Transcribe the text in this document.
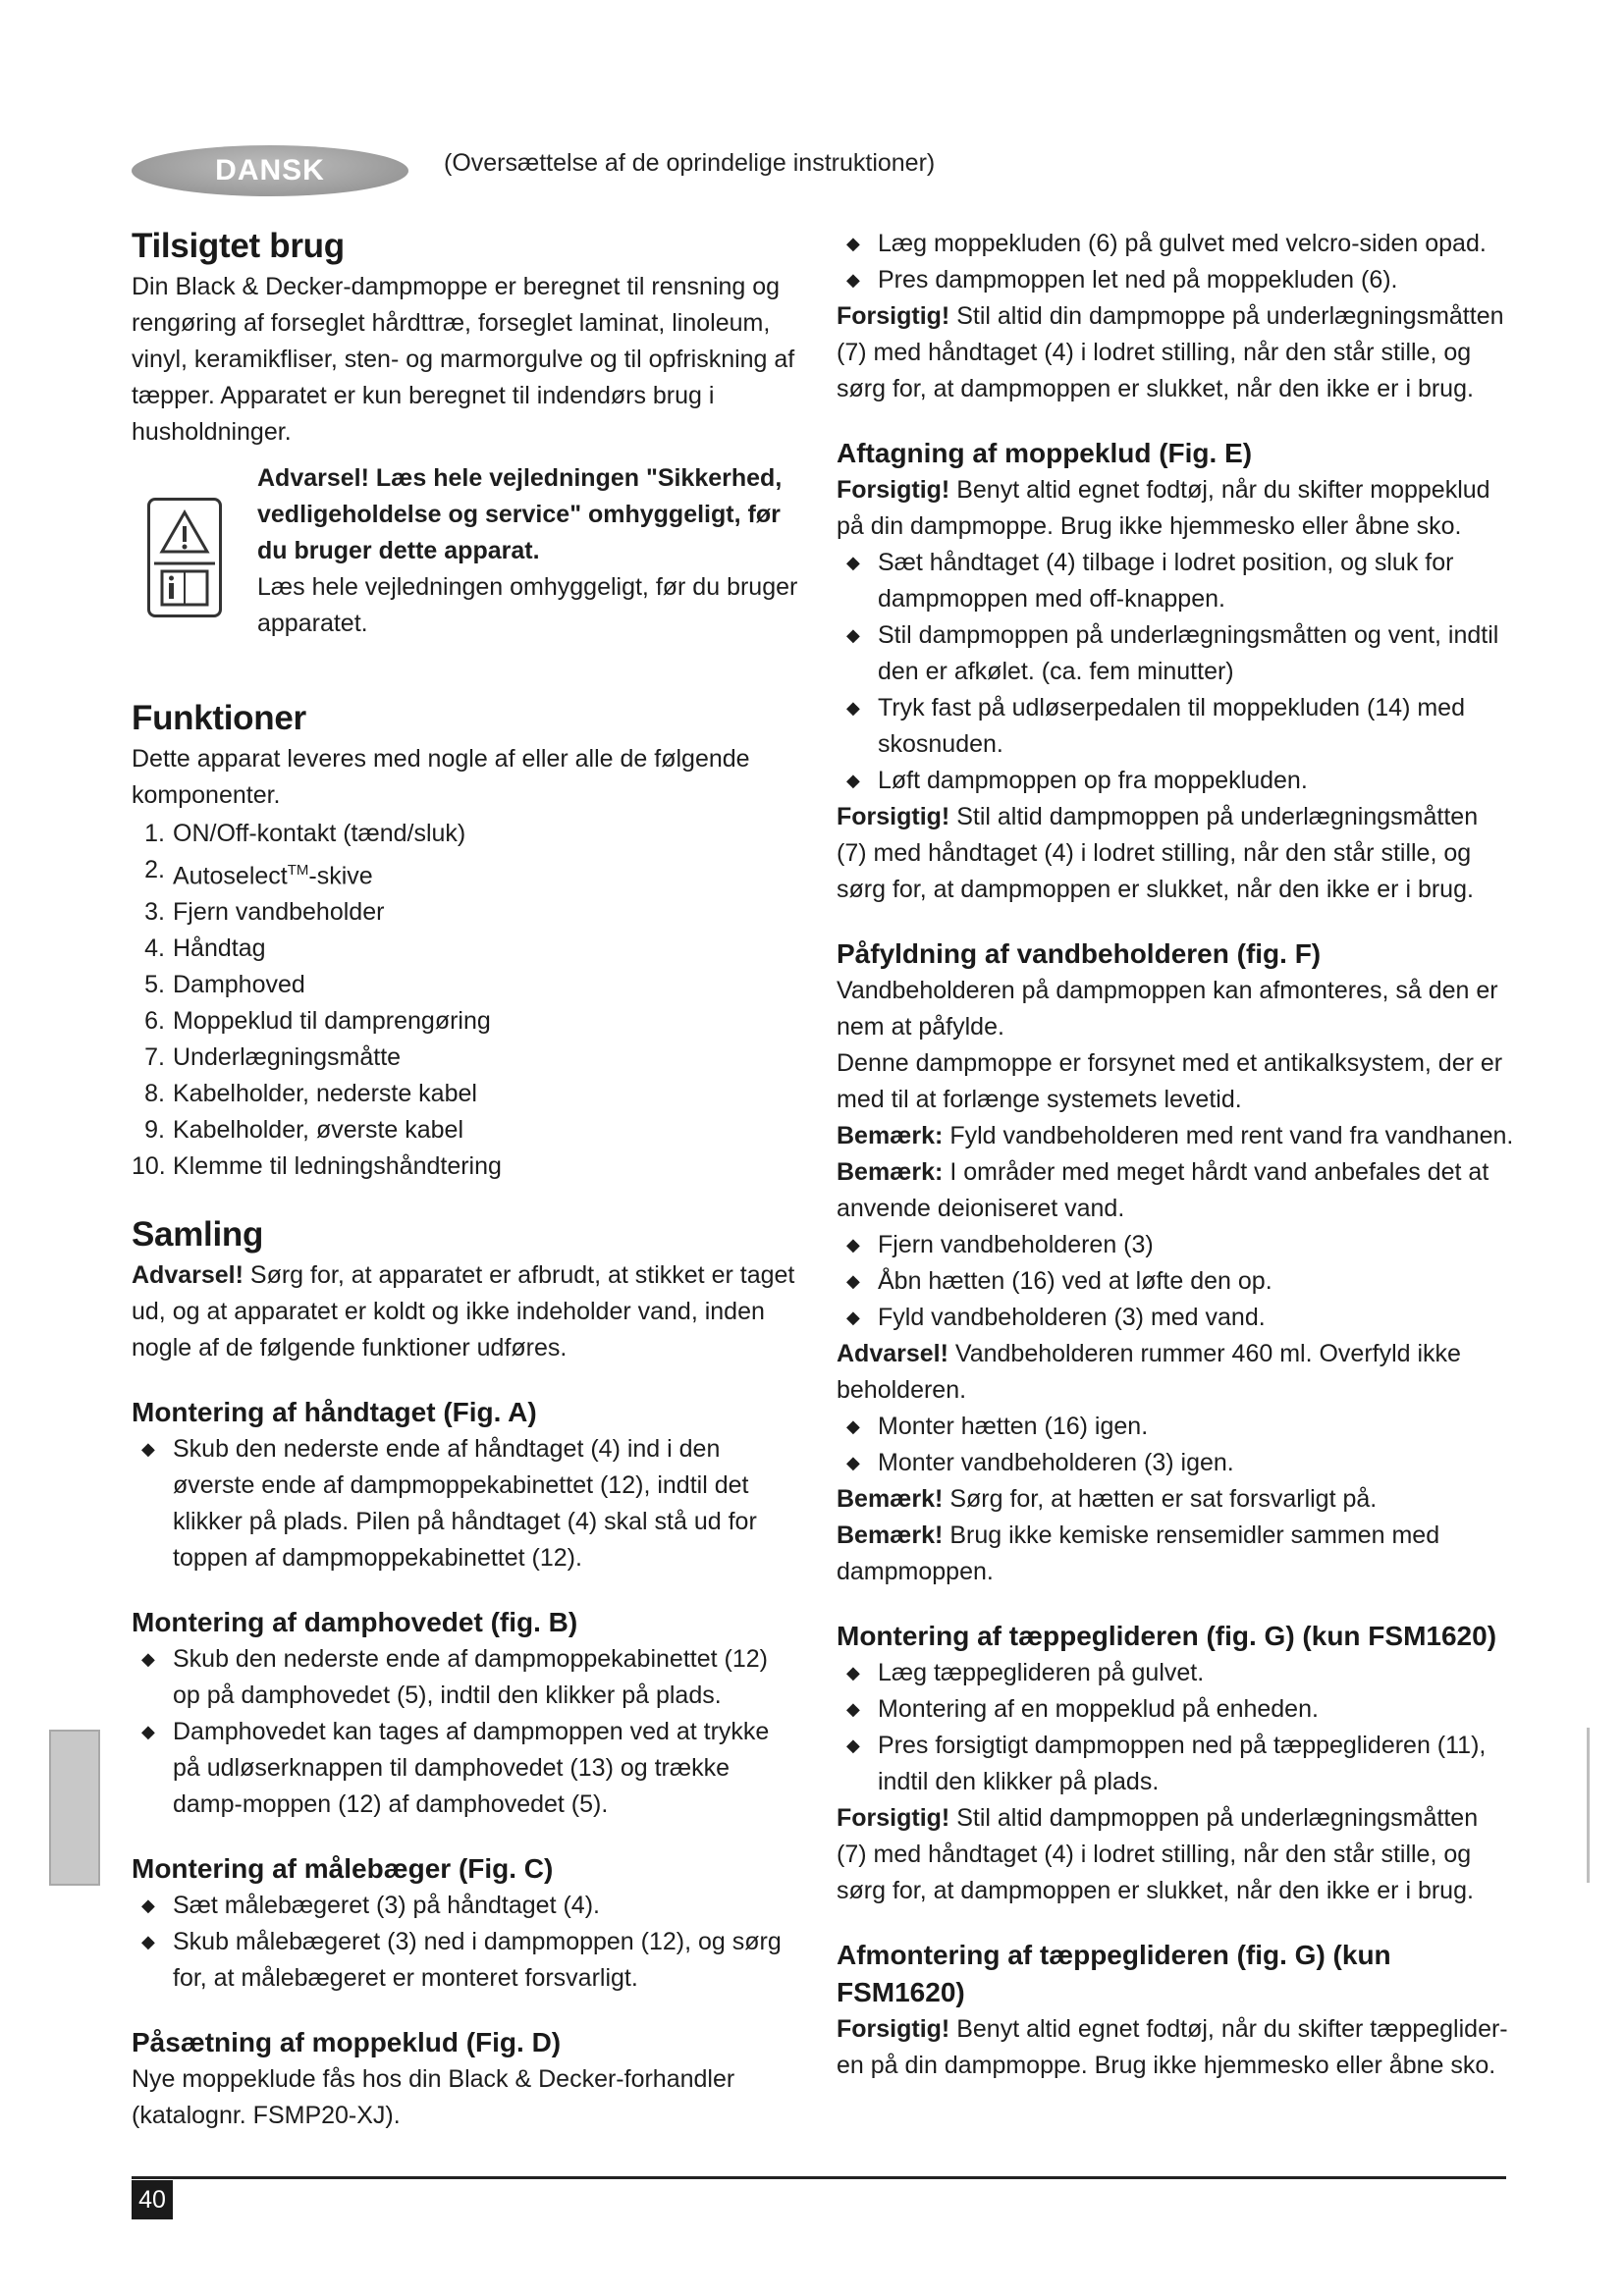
DANSK	(Oversættelse af de oprindelige instruktioner)
Tilsigtet brug

Din Black & Decker-dampmoppe er beregnet til rensning og rengøring af forseglet hårdttræ, forseglet laminat, linoleum, vinyl, keramikfliser, sten- og marmorgulve og til opfriskning af tæpper. Apparatet er kun beregnet til indendørs brug i husholdninger.

Advarsel! Læs hele vejledningen "Sikkerhed, vedligeholdelse og service" omhyggeligt, før du bruger dette apparat.

Læs hele vejledningen omhyggeligt, før du bruger apparatet.

Funktioner

Dette apparat leveres med nogle af eller alle de følgende komponenter.

1. ON/Off-kontakt (tænd/sluk)
2. Autoselect™-skive
3. Fjern vandbeholder
4. Håndtag
5. Damphoved
6. Moppeklud til damprengøring
7. Underlægningsmåtte
8. Kabelholder, nederste kabel
9. Kabelholder, øverste kabel
10. Klemme til ledningshåndtering
Samling

Advarsel! Sørg for, at apparatet er afbrudt, at stikket er taget ud, og at apparatet er koldt og ikke indeholder vand, inden nogle af de følgende funktioner udføres.

Montering af håndtaget (Fig. A)
◆ Skub den nederste ende af håndtaget (4) ind i den øverste ende af dampmoppekabinettet (12), indtil det klikker på plads. Pilen på håndtaget (4) skal stå ud for toppen af dampmoppekabinettet (12).
Montering af damphovedet (fig. B)
◆ Skub den nederste ende af dampmoppekabinettet (12) op på damphovedet (5), indtil den klikker på plads.
◆ Damphovedet kan tages af dampmoppen ved at trykke på udløserknappen til damphovedet (13) og trække damp-moppen (12) af damphovedet (5).
Montering af målebæger (Fig. C)
◆ Sæt målebægeret (3) på håndtaget (4).
◆ Skub målebægeret (3) ned i dampmoppen (12), og sørg for, at målebægeret er monteret forsvarligt.
Påsætning af moppeklud (Fig. D)

Nye moppeklude fås hos din Black & Decker-forhandler (katalognr. FSMP20-XJ).

◆ Læg moppekluden (6) på gulvet med velcro-siden opad.
◆ Pres dampmoppen let ned på moppekluden (6).

Forsigtig! Stil altid din dampmoppe på underlægningsmåtten (7) med håndtaget (4) i lodret stilling, når den står stille, og sørg for, at dampmoppen er slukket, når den ikke er i brug.

Aftagning af moppeklud (Fig. E)

Forsigtig! Benyt altid egnet fodtøj, når du skifter moppeklud på din dampmoppe. Brug ikke hjemmesko eller åbne sko.

◆ Sæt håndtaget (4) tilbage i lodret position, og sluk for dampmoppen med off-knappen.
◆ Stil dampmoppen på underlægningsmåtten og vent, indtil den er afkølet. (ca. fem minutter)
◆ Tryk fast på udløserpedalen til moppekluden (14) med skosnuden.
◆ Løft dampmoppen op fra moppekluden.

Forsigtig! Stil altid dampmoppen på underlægningsmåtten (7) med håndtaget (4) i lodret stilling, når den står stille, og sørg for, at dampmoppen er slukket, når den ikke er i brug.

Påfyldning af vandbeholderen (fig. F)

Vandbeholderen på dampmoppen kan afmonteres, så den er nem at påfylde.

Denne dampmoppe er forsynet med et antikalksystem, der er med til at forlænge systemets levetid.

Bemærk: Fyld vandbeholderen med rent vand fra vandhanen.

Bemærk: I områder med meget hårdt vand anbefales det at anvende deioniseret vand.

◆ Fjern vandbeholderen (3)
◆ Åbn hætten (16) ved at løfte den op.
◆ Fyld vandbeholderen (3) med vand.

Advarsel! Vandbeholderen rummer 460 ml. Overfyld ikke beholderen.

◆ Monter hætten (16) igen.
◆ Monter vandbeholderen (3) igen.

Bemærk! Sørg for, at hætten er sat forsvarligt på.

Bemærk! Brug ikke kemiske rensemidler sammen med dampmoppen.

Montering af tæppeglideren (fig. G) (kun FSM1620)
◆ Læg tæppeglideren på gulvet.
◆ Montering af en moppeklud på enheden.
◆ Pres forsigtigt dampmoppen ned på tæppeglideren (11), indtil den klikker på plads.

Forsigtig! Stil altid dampmoppen på underlægningsmåtten (7) med håndtaget (4) i lodret stilling, når den står stille, og sørg for, at dampmoppen er slukket, når den ikke er i brug.

Afmontering af tæppeglideren (fig. G) (kun FSM1620)

Forsigtig! Benyt altid egnet fodtøj, når du skifter tæppeglider-en på din dampmoppe. Brug ikke hjemmesko eller åbne sko.

40
